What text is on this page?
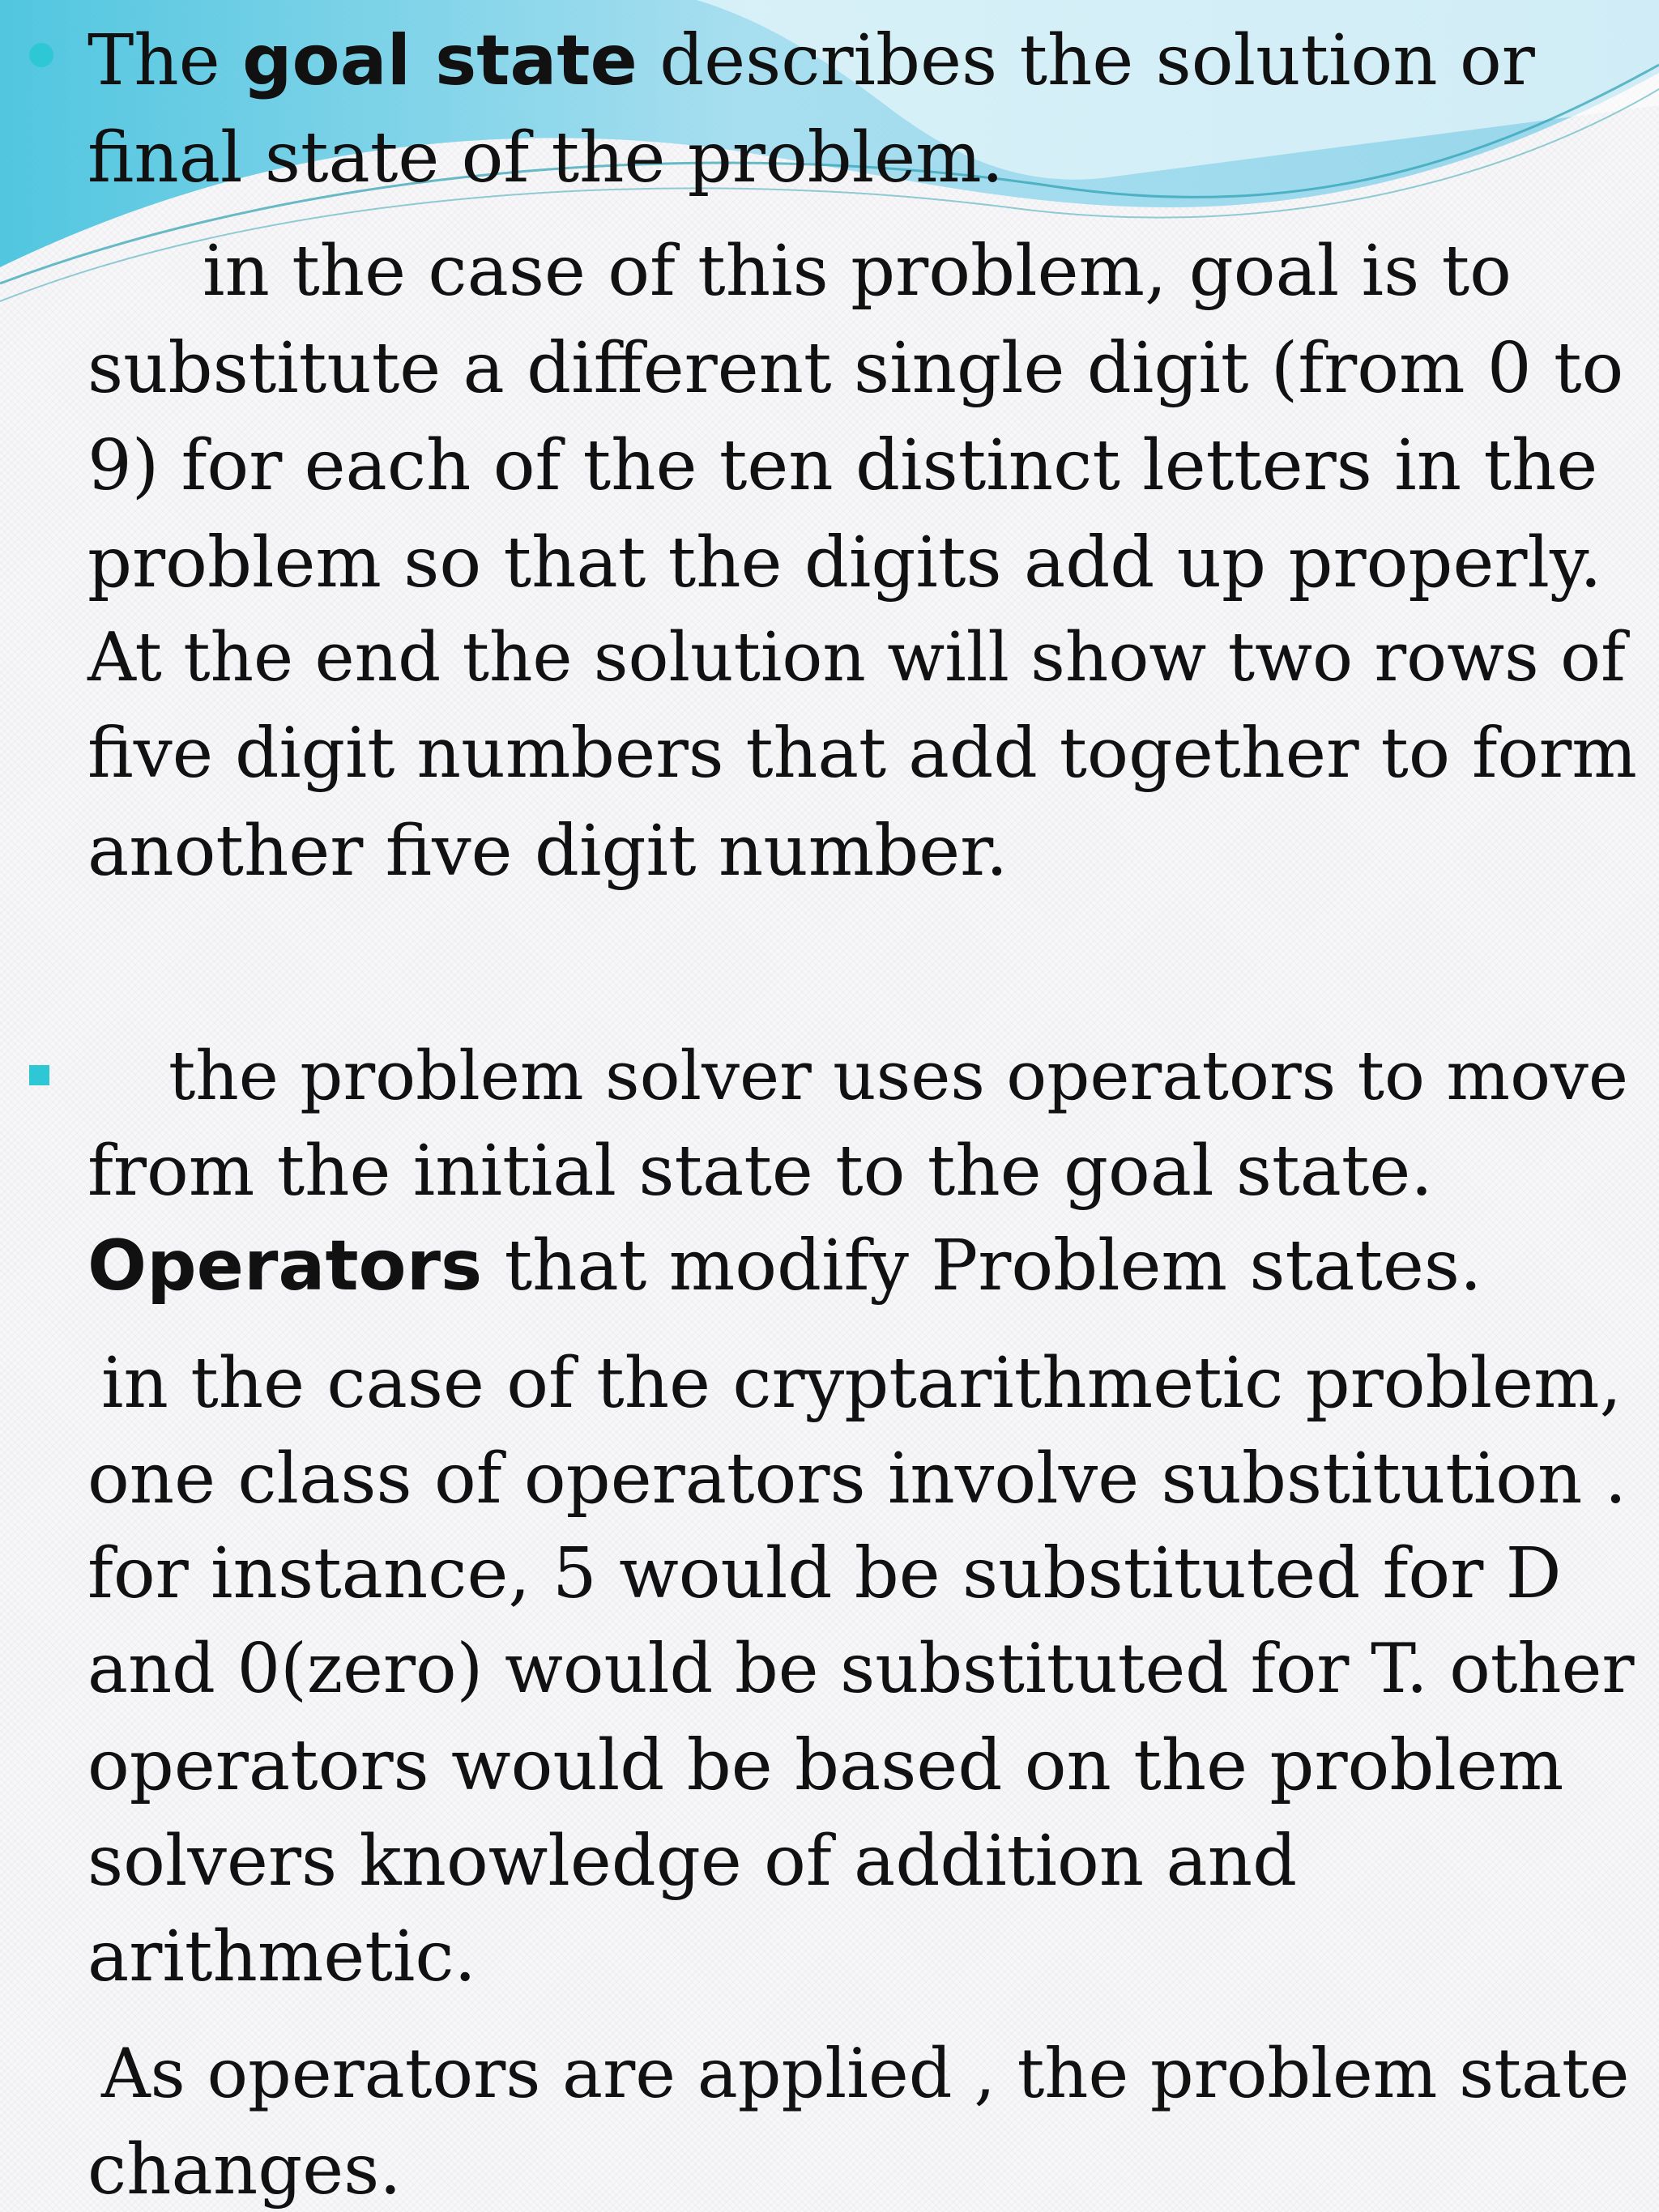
The goal state describes the solution or
final state of the problem.
in the case of this problem, goal is to
substitute a different single digit (from 0 to
9) for each of the ten distinct letters in the
problem so that the digits add up properly.
At the end the solution will show two rows of
five digit numbers that add together to form
another five digit number.
the problem solver uses operators to move
from the initial state to the goal state.
Operators that modify Problem states.
in the case of the cryptarithmetic problem,
one class of operators involve substitution .
for instance, 5 would be substituted for D
and 0(zero) would be substituted for T. other
operators would be based on the problem
solvers knowledge of addition and
arithmetic.
As operators are applied , the problem state
changes.
